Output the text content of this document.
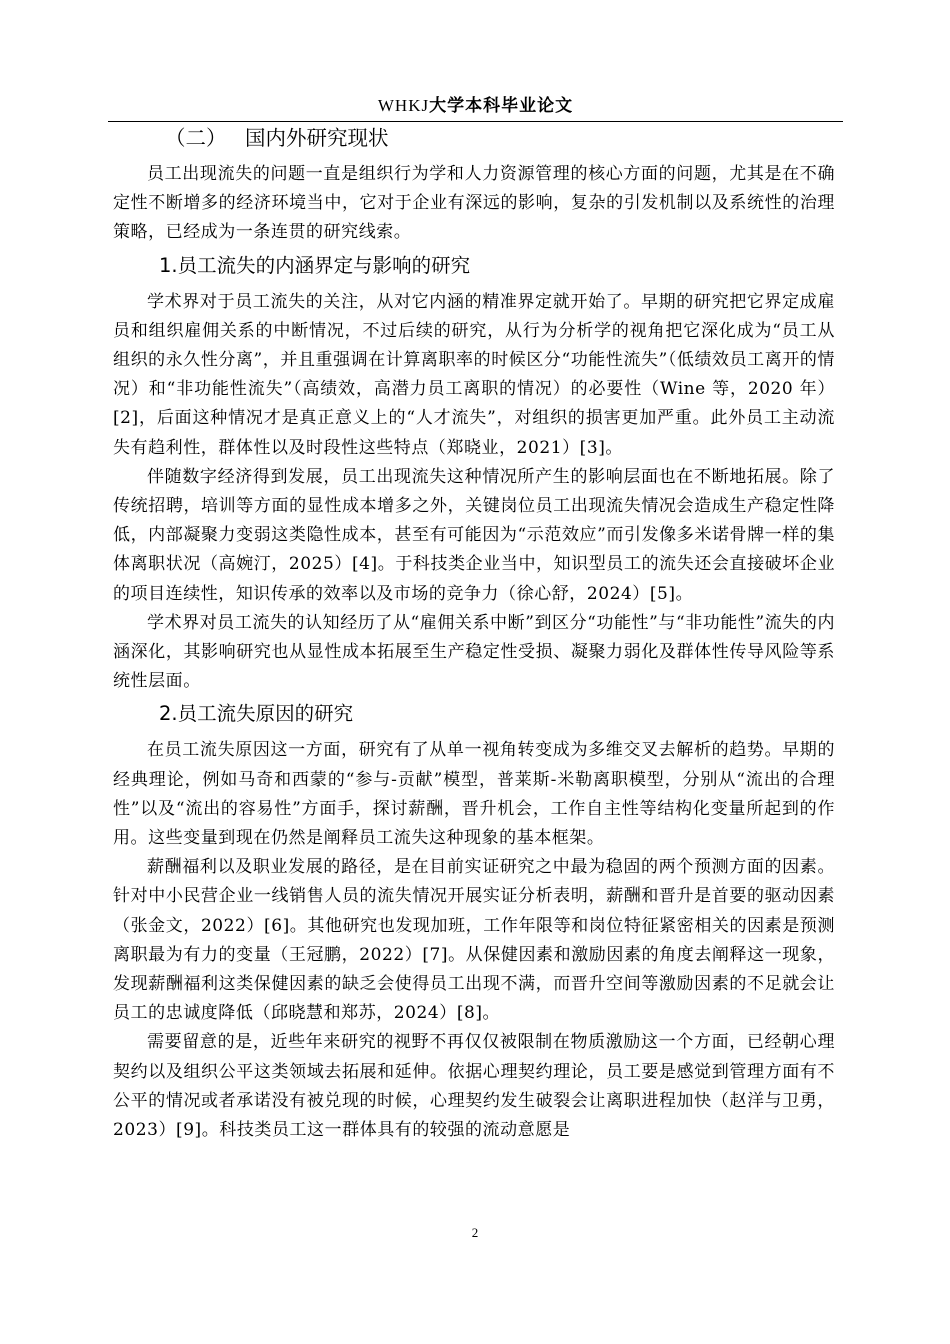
WHKJ大学本科毕业论文
（二） 国内外研究现状

员工出现流失的问题一直是组织行为学和人力资源管理的核心方面的问题，尤其是在不确定性不断增多的经济环境当中，它对于企业有深远的影响，复杂的引发机制以及系统性的治理策略，已经成为一条连贯的研究线索。

1.员工流失的内涵界定与影响的研究

学术界对于员工流失的关注，从对它内涵的精准界定就开始了。早期的研究把它界定成雇员和组织雇佣关系的中断情况，不过后续的研究，从行为分析学的视角把它深化成为“员工从组织的永久性分离”，并且重强调在计算离职率的时候区分“功能性流失”（低绩效员工离开的情况）和“非功能性流失”（高绩效，高潜力员工离职的情况）的必要性（Wine 等，2020 年）[2]，后面这种情况才是真正意义上的“人才流失”，对组织的损害更加严重。此外员工主动流失有趋利性，群体性以及时段性这些特点（郑晓业，2021）[3]。

伴随数字经济得到发展，员工出现流失这种情况所产生的影响层面也在不断地拓展。除了传统招聘，培训等方面的显性成本增多之外，关键岗位员工出现流失情况会造成生产稳定性降低，内部凝聚力变弱这类隐性成本，甚至有可能因为“示范效应”而引发像多米诺骨牌一样的集体离职状况（高婉汀，2025）[4]。于科技类企业当中，知识型员工的流失还会直接破坏企业的项目连续性，知识传承的效率以及市场的竞争力（徐心舒，2024）[5]。

学术界对员工流失的认知经历了从“雇佣关系中断”到区分“功能性”与“非功能性”流失的内涵深化，其影响研究也从显性成本拓展至生产稳定性受损、凝聚力弱化及群体性传导风险等系统性层面。

2.员工流失原因的研究

在员工流失原因这一方面，研究有了从单一视角转变成为多维交叉去解析的趋势。早期的经典理论，例如马奇和西蒙的“参与-贡献”模型，普莱斯-米勒离职模型，分别从“流出的合理性”以及“流出的容易性”方面手，探讨薪酬，晋升机会，工作自主性等结构化变量所起到的作用。这些变量到现在仍然是阐释员工流失这种现象的基本框架。

薪酬福利以及职业发展的路径，是在目前实证研究之中最为稳固的两个预测方面的因素。针对中小民营企业一线销售人员的流失情况开展实证分析表明，薪酬和晋升是首要的驱动因素（张金文，2022）[6]。其他研究也发现加班，工作年限等和岗位特征紧密相关的因素是预测离职最为有力的变量（王冠鹏，2022）[7]。从保健因素和激励因素的角度去阐释这一现象，发现薪酬福利这类保健因素的缺乏会使得员工出现不满，而晋升空间等激励因素的不足就会让员工的忠诚度降低（邱晓慧和郑苏，2024）[8]。

需要留意的是，近些年来研究的视野不再仅仅被限制在物质激励这一个方面，已经朝心理契约以及组织公平这类领域去拓展和延伸。依据心理契约理论，员工要是感觉到管理方面有不公平的情况或者承诺没有被兑现的时候，心理契约发生破裂会让离职进程加快（赵洋与卫勇，2023）[9]。科技类员工这一群体具有的较强的流动意愿是

2
